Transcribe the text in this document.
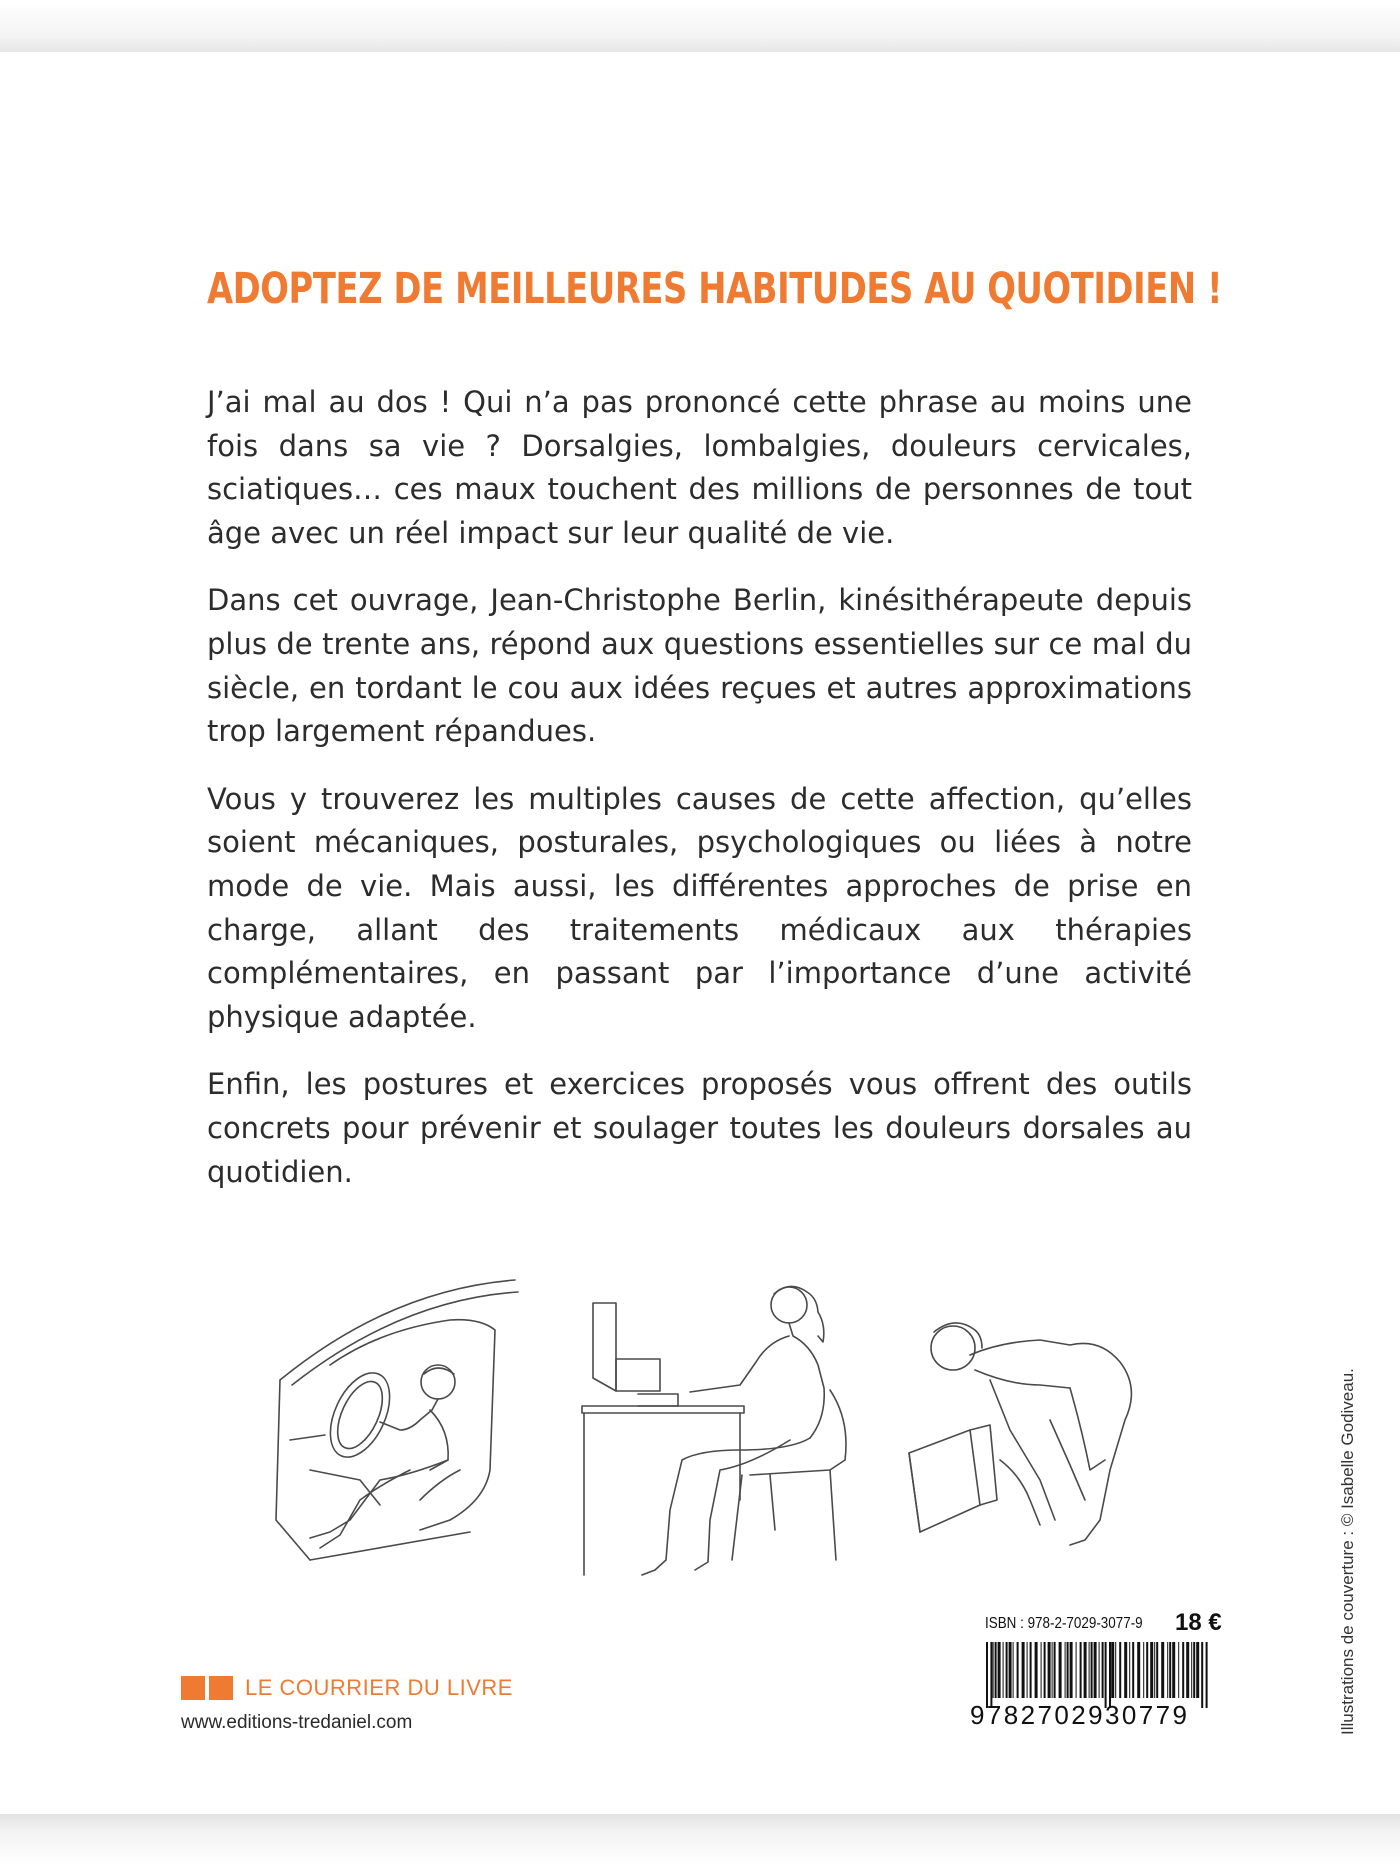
ADOPTEZ DE MEILLEURES HABITUDES AU QUOTIDIEN !

J’ai mal au dos ! Qui n’a pas prononcé cette phrase au moins une fois dans sa vie ? Dorsalgies, lombalgies, douleurs cervicales, sciatiques… ces maux touchent des millions de personnes de tout âge avec un réel impact sur leur qualité de vie.

Dans cet ouvrage, Jean-Christophe Berlin, kinésithérapeute depuis plus de trente ans, répond aux questions essentielles sur ce mal du siècle, en tordant le cou aux idées reçues et autres approximations trop largement répandues.

Vous y trouverez les multiples causes de cette affection, qu’elles soient mécaniques, posturales, psychologiques ou liées à notre mode de vie. Mais aussi, les différentes approches de prise en charge, allant des traitements médicaux aux thérapies complémentaires, en passant par l’importance d’une activité physique adaptée.

Enfin, les postures et exercices proposés vous offrent des outils concrets pour prévenir et soulager toutes les douleurs dorsales au quotidien.

Illustrations de couverture : © Isabelle Godiveau.
LE COURRIER DU LIVRE
www.editions-tredaniel.com
ISBN : 978-2-7029-3077-9 18 €
9 7 8 2 7 0 2 9 3 0 7 7 9
